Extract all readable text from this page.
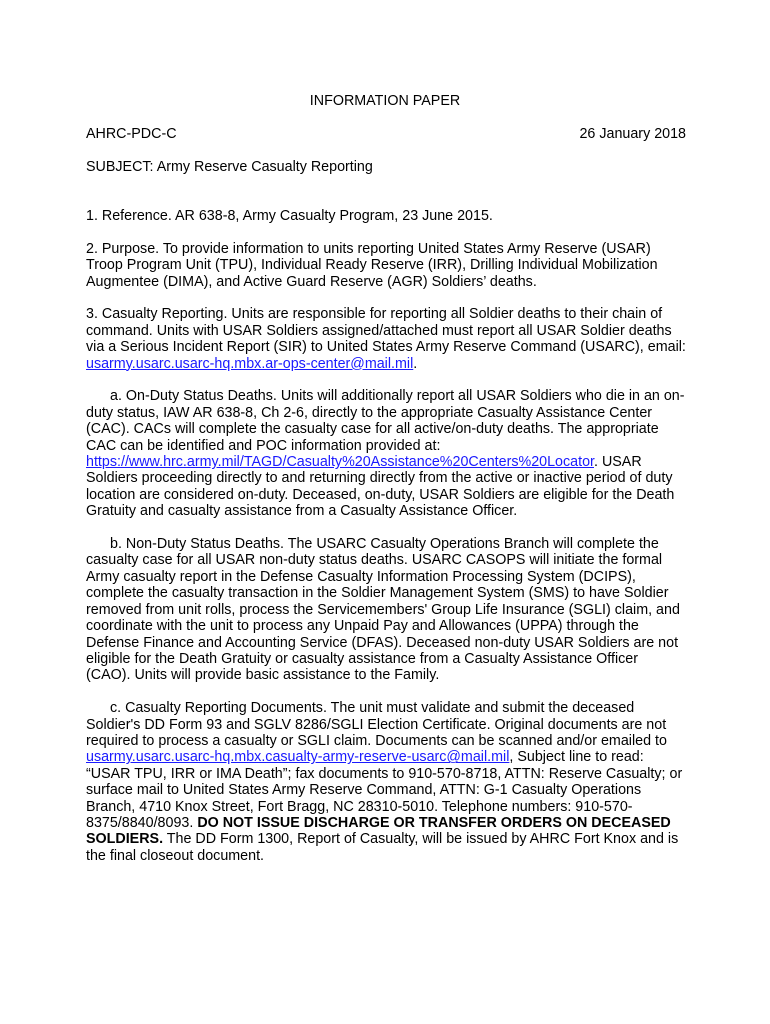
INFORMATION PAPER
AHRC-PDC-C	26 January 2018
SUBJECT: Army Reserve Casualty Reporting

1. Reference. AR 638-8, Army Casualty Program, 23 June 2015.

2. Purpose. To provide information to units reporting United States Army Reserve (USAR) Troop Program Unit (TPU), Individual Ready Reserve (IRR), Drilling Individual Mobilization Augmentee (DIMA), and Active Guard Reserve (AGR) Soldiers’ deaths.

3. Casualty Reporting. Units are responsible for reporting all Soldier deaths to their chain of command. Units with USAR Soldiers assigned/attached must report all USAR Soldier deaths via a Serious Incident Report (SIR) to United States Army Reserve Command (USARC), email: usarmy.usarc.usarc-hq.mbx.ar-ops-center@mail.mil.

a. On-Duty Status Deaths. Units will additionally report all USAR Soldiers who die in an on-duty status, IAW AR 638-8, Ch 2-6, directly to the appropriate Casualty Assistance Center (CAC). CACs will complete the casualty case for all active/on-duty deaths. The appropriate CAC can be identified and POC information provided at: https://www.hrc.army.mil/TAGD/Casualty%20Assistance%20Centers%20Locator. USAR Soldiers proceeding directly to and returning directly from the active or inactive period of duty location are considered on-duty. Deceased, on-duty, USAR Soldiers are eligible for the Death Gratuity and casualty assistance from a Casualty Assistance Officer.

b. Non-Duty Status Deaths. The USARC Casualty Operations Branch will complete the casualty case for all USAR non-duty status deaths. USARC CASOPS will initiate the formal Army casualty report in the Defense Casualty Information Processing System (DCIPS), complete the casualty transaction in the Soldier Management System (SMS) to have Soldier removed from unit rolls, process the Servicemembers' Group Life Insurance (SGLI) claim, and coordinate with the unit to process any Unpaid Pay and Allowances (UPPA) through the Defense Finance and Accounting Service (DFAS). Deceased non-duty USAR Soldiers are not eligible for the Death Gratuity or casualty assistance from a Casualty Assistance Officer (CAO). Units will provide basic assistance to the Family.

c. Casualty Reporting Documents. The unit must validate and submit the deceased Soldier's DD Form 93 and SGLV 8286/SGLI Election Certificate. Original documents are not required to process a casualty or SGLI claim. Documents can be scanned and/or emailed to usarmy.usarc.usarc-hq.mbx.casualty-army-reserve-usarc@mail.mil, Subject line to read: “USAR TPU, IRR or IMA Death”; fax documents to 910-570-8718, ATTN: Reserve Casualty; or surface mail to United States Army Reserve Command, ATTN: G-1 Casualty Operations Branch, 4710 Knox Street, Fort Bragg, NC 28310-5010. Telephone numbers: 910-570-8375/8840/8093. DO NOT ISSUE DISCHARGE OR TRANSFER ORDERS ON DECEASED SOLDIERS. The DD Form 1300, Report of Casualty, will be issued by AHRC Fort Knox and is the final closeout document.
